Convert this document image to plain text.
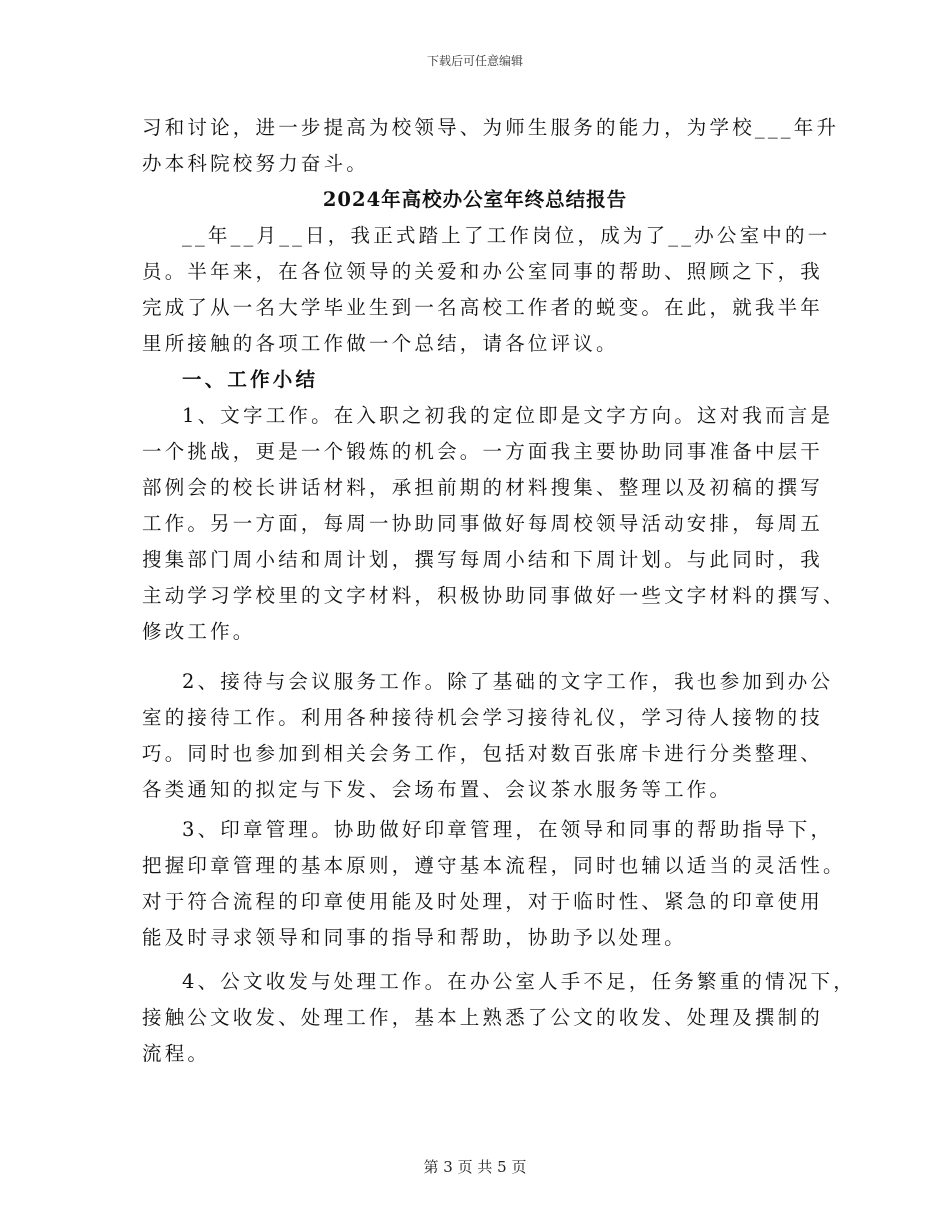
下载后可任意编辑
习和讨论，进一步提高为校领导、为师生服务的能力，为学校___年升
办本科院校努力奋斗。
2024年高校办公室年终总结报告
__年__月__日，我正式踏上了工作岗位，成为了__办公室中的一
员。半年来，在各位领导的关爱和办公室同事的帮助、照顾之下，我
完成了从一名大学毕业生到一名高校工作者的蜕变。在此，就我半年
里所接触的各项工作做一个总结，请各位评议。
一、工作小结
1、文字工作。在入职之初我的定位即是文字方向。这对我而言是
一个挑战，更是一个锻炼的机会。一方面我主要协助同事准备中层干
部例会的校长讲话材料，承担前期的材料搜集、整理以及初稿的撰写
工作。另一方面，每周一协助同事做好每周校领导活动安排，每周五
搜集部门周小结和周计划，撰写每周小结和下周计划。与此同时，我
主动学习学校里的文字材料，积极协助同事做好一些文字材料的撰写、
修改工作。
2、接待与会议服务工作。除了基础的文字工作，我也参加到办公
室的接待工作。利用各种接待机会学习接待礼仪，学习待人接物的技
巧。同时也参加到相关会务工作，包括对数百张席卡进行分类整理、
各类通知的拟定与下发、会场布置、会议茶水服务等工作。
3、印章管理。协助做好印章管理，在领导和同事的帮助指导下，
把握印章管理的基本原则，遵守基本流程，同时也辅以适当的灵活性。
对于符合流程的印章使用能及时处理，对于临时性、紧急的印章使用
能及时寻求领导和同事的指导和帮助，协助予以处理。
4、公文收发与处理工作。在办公室人手不足，任务繁重的情况下，
接触公文收发、处理工作，基本上熟悉了公文的收发、处理及撰制的
流程。
第 3 页 共 5 页
